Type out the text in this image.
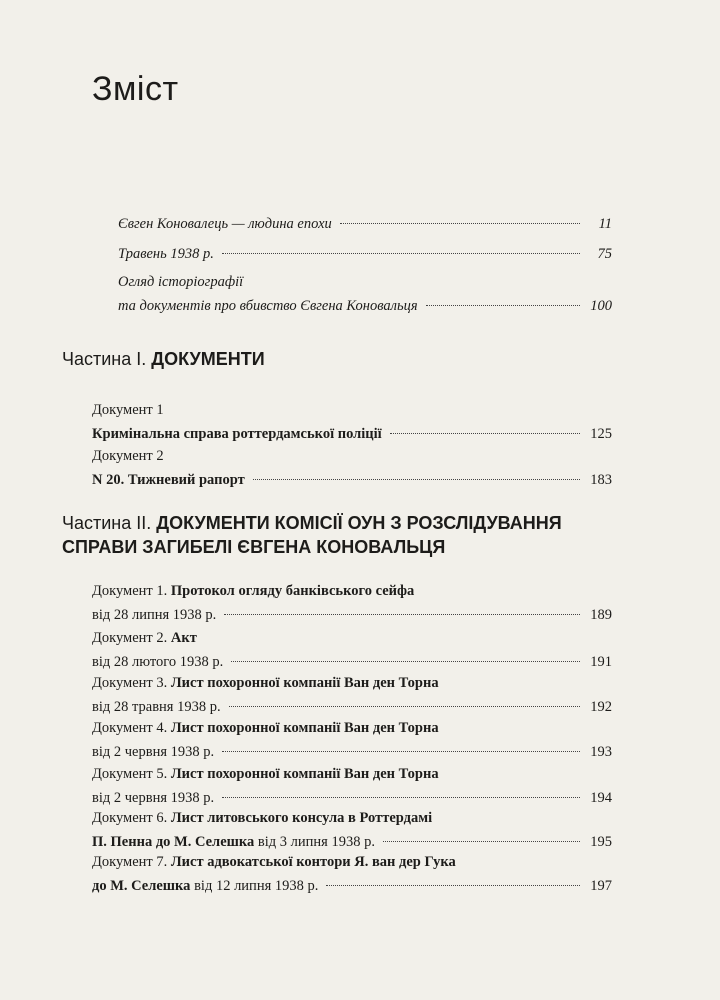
Зміст
Євген Коновалець — людина епохи	11
Травень 1938 р.	75
Огляд історіографії
та документів про вбивство Євгена Коновальця	100
Частина І. ДОКУМЕНТИ
Документ 1
Кримінальна справа роттердамської поліції	125
Документ 2
N 20. Тижневий рапорт	183
Частина ІІ. ДОКУМЕНТИ КОМІСІЇ ОУН З РОЗСЛІДУВАННЯ
СПРАВИ ЗАГИБЕЛІ ЄВГЕНА КОНОВАЛЬЦЯ
Документ 1. Протокол огляду банківського сейфа
від 28 липня 1938 р.	189
Документ 2. Акт
від 28 лютого 1938 р.	191
Документ 3. Лист похоронної компанії Ван ден Торна
від 28 травня 1938 р.	192
Документ 4. Лист похоронної компанії Ван ден Торна
від 2 червня 1938 р.	193
Документ 5. Лист похоронної компанії Ван ден Торна
від 2 червня 1938 р.	194
Документ 6. Лист литовського консула в Роттердамі
П. Пенна до М. Селешка від 3 липня 1938 р.	195
Документ 7. Лист адвокатської контори Я. ван дер Гука
до М. Селешка від 12 липня 1938 р.	197
